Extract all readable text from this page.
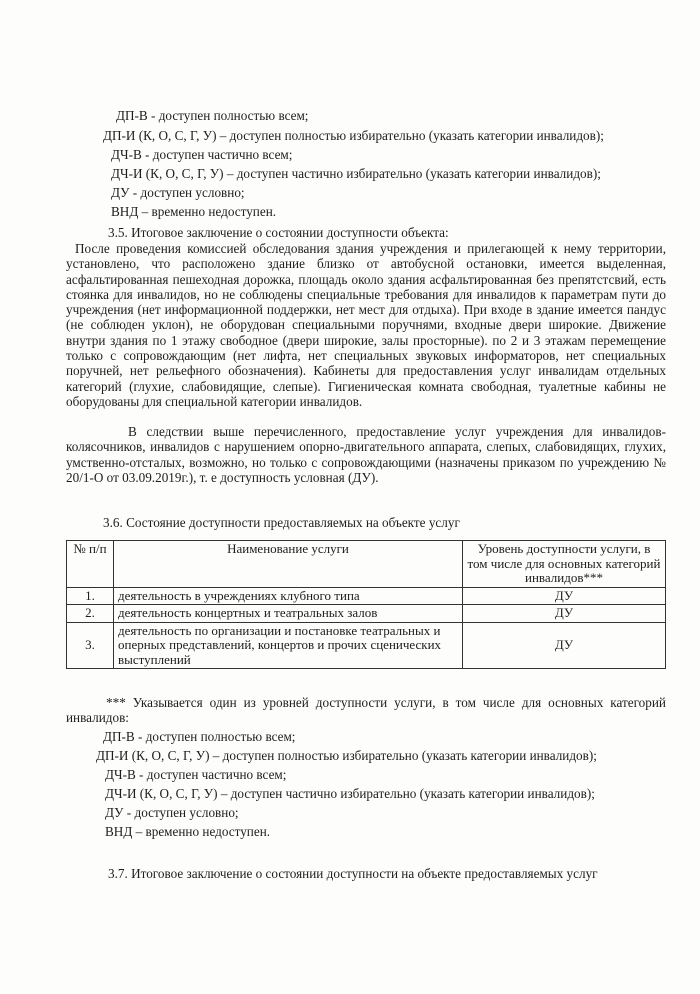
ДП-В - доступен полностью всем;
ДП-И (К, О, С, Г, У) – доступен полностью избирательно (указать категории инвалидов);
ДЧ-В - доступен частично всем;
ДЧ-И (К, О, С, Г, У) – доступен частично избирательно (указать категории инвалидов);
ДУ - доступен условно;
ВНД – временно недоступен.
3.5. Итоговое заключение о состоянии доступности объекта:

После проведения комиссией обследования здания учреждения и прилегающей к нему территории, установлено, что расположено здание близко от автобусной остановки, имеется выделенная, асфальтированная пешеходная дорожка, площадь около здания асфальтированная без препятстсвий, есть стоянка для инвалидов, но не соблюдены специальные требования для инвалидов к параметрам пути до учреждения (нет информационной поддержки, нет мест для отдыха). При входе в здание имеется пандус (не соблюден уклон), не оборудован специальными поручнями, входные двери широкие. Движение внутри здания по 1 этажу свободное (двери широкие, залы просторные). по 2 и 3 этажам перемещение только с сопровождающим (нет лифта, нет специальных звуковых информаторов, нет специальных поручней, нет рельефного обозначения). Кабинеты для предоставления услуг инвалидам отдельных категорий (глухие, слабовидящие, слепые). Гигиеническая комната свободная, туалетные кабины не оборудованы для специальной категории инвалидов.

В следствии выше перечисленного, предоставление услуг учреждения для инвалидов-колясочников, инвалидов с нарушением опорно-двигательного аппарата, слепых, слабовидящих, глухих, умственно-отсталых, возможно, но только с сопровождающими (назначены приказом по учреждению № 20/1-О от 03.09.2019г.), т. е доступность условная (ДУ).

3.6. Состояние доступности предоставляемых на объекте услуг
№ п/п	Наименование услуги	Уровень доступности услуги, в том числе для основных категорий инвалидов***
1.	деятельность в учреждениях клубного типа	ДУ
2.	деятельность концертных и театральных залов	ДУ
3.	деятельность по организации и постановке театральных и оперных представлений, концертов и прочих сценических выступлений	ДУ

*** Указывается один из уровней доступности услуги, в том числе для основных категорий инвалидов:

ДП-В - доступен полностью всем;
ДП-И (К, О, С, Г, У) – доступен полностью избирательно (указать категории инвалидов);
ДЧ-В - доступен частично всем;
ДЧ-И (К, О, С, Г, У) – доступен частично избирательно (указать категории инвалидов);
ДУ - доступен условно;
ВНД – временно недоступен.
3.7. Итоговое заключение о состоянии доступности на объекте предоставляемых услуг
